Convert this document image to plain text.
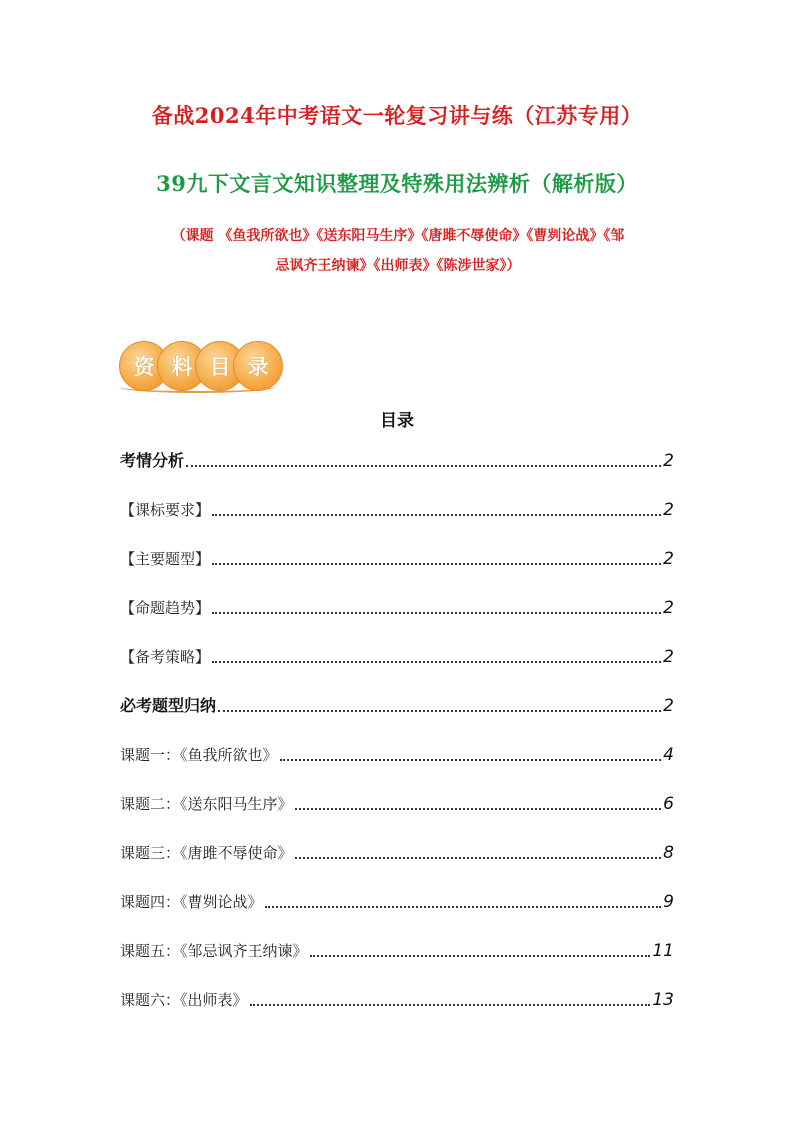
备战2024年中考语文一轮复习讲与练（江苏专用）
39九下文言文知识整理及特殊用法辨析（解析版）
（课题 《鱼我所欲也》《送东阳马生序》《唐雎不辱使命》《曹刿论战》《邹
忌讽齐王纳谏》《出师表》《陈涉世家》）
资 料 目 录
目录
考情分析	2
【课标要求】	2
【主要题型】	2
【命题趋势】	2
【备考策略】	2
必考题型归纳	2
课题一：《鱼我所欲也》	4
课题二：《送东阳马生序》	6
课题三：《唐雎不辱使命》	8
课题四：《曹刿论战》	9
课题五：《邹忌讽齐王纳谏》	11
课题六：《出师表》	13
